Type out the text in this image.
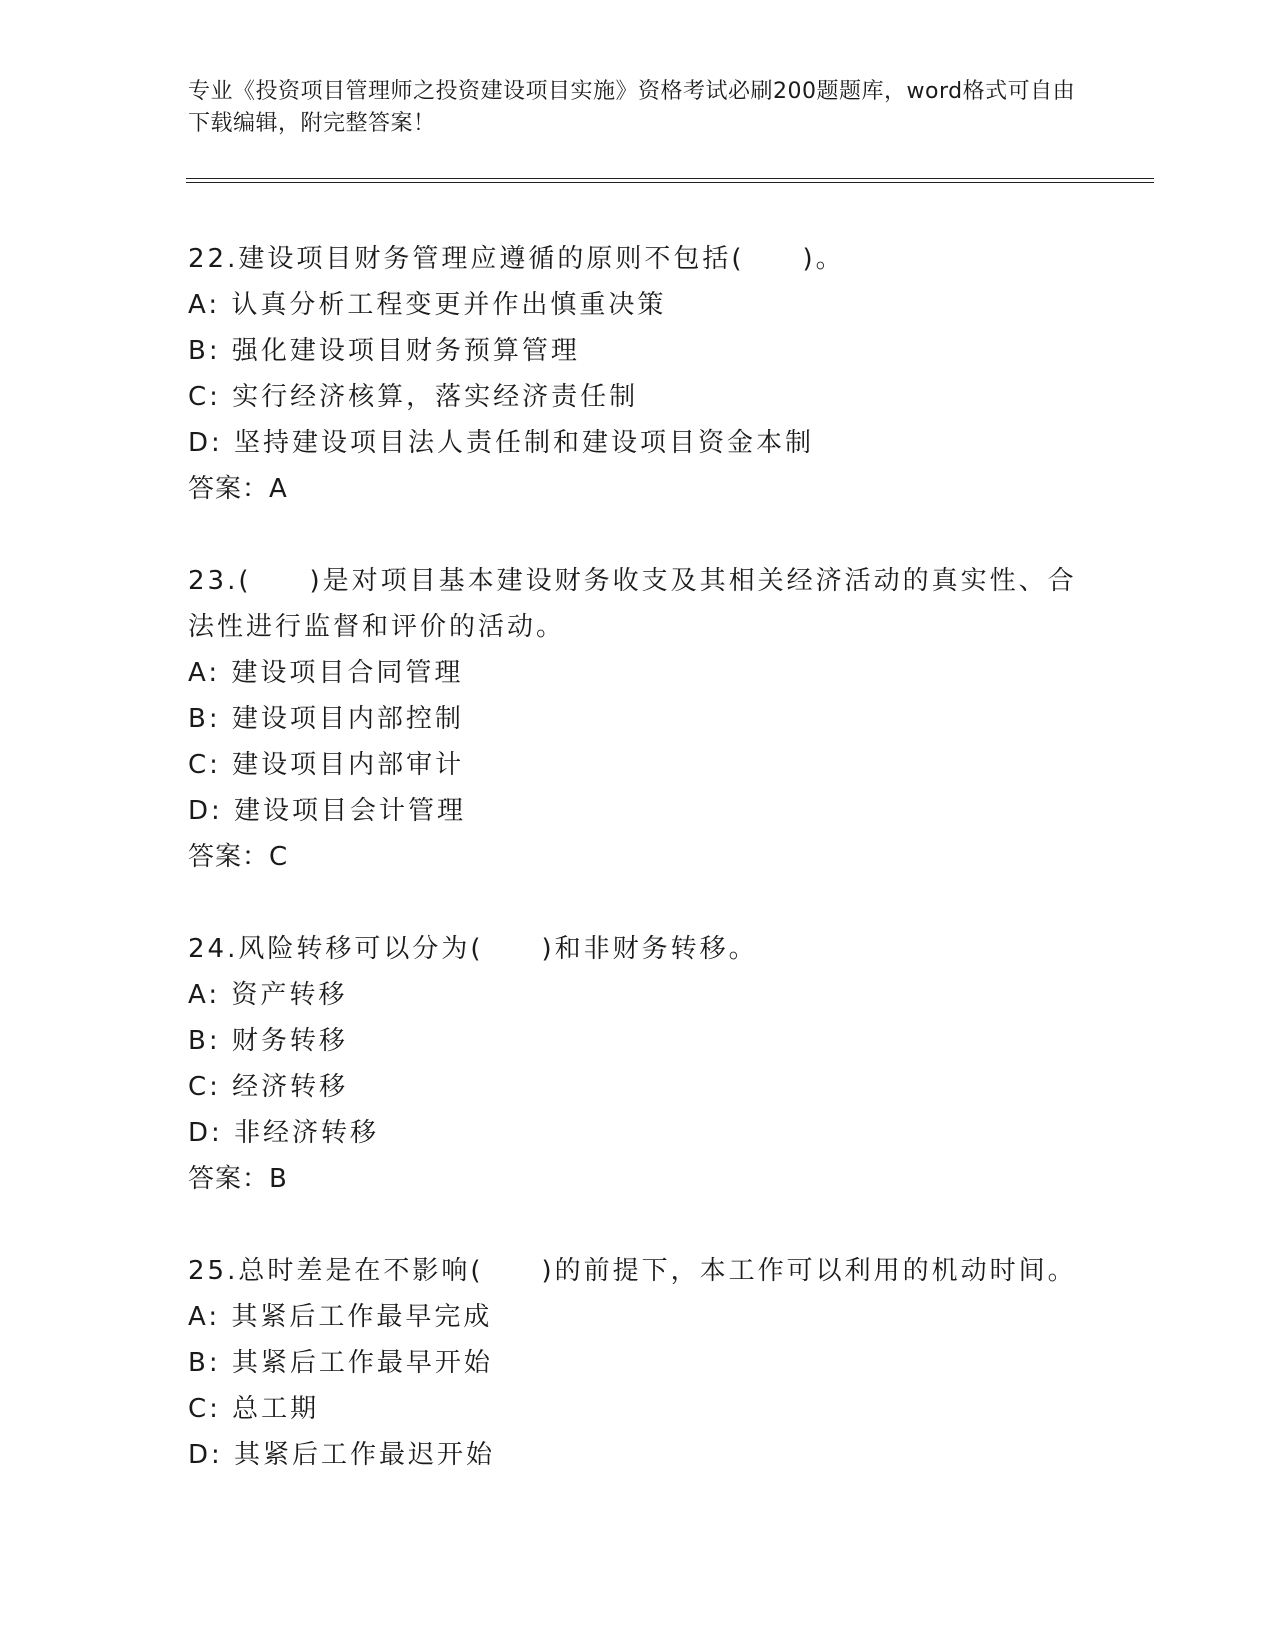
专业《投资项目管理师之投资建设项目实施》资格考试必刷200题题库，word格式可自由下载编辑，附完整答案！
22.建设项目财务管理应遵循的原则不包括(　　)。
A: 认真分析工程变更并作出慎重决策
B: 强化建设项目财务预算管理
C: 实行经济核算，落实经济责任制
D: 坚持建设项目法人责任制和建设项目资金本制
答案：A
23.(　　)是对项目基本建设财务收支及其相关经济活动的真实性、合法性进行监督和评价的活动。
A: 建设项目合同管理
B: 建设项目内部控制
C: 建设项目内部审计
D: 建设项目会计管理
答案：C
24.风险转移可以分为(　　)和非财务转移。
A: 资产转移
B: 财务转移
C: 经济转移
D: 非经济转移
答案：B
25.总时差是在不影响(　　)的前提下，本工作可以利用的机动时间。
A: 其紧后工作最早完成
B: 其紧后工作最早开始
C: 总工期
D: 其紧后工作最迟开始
